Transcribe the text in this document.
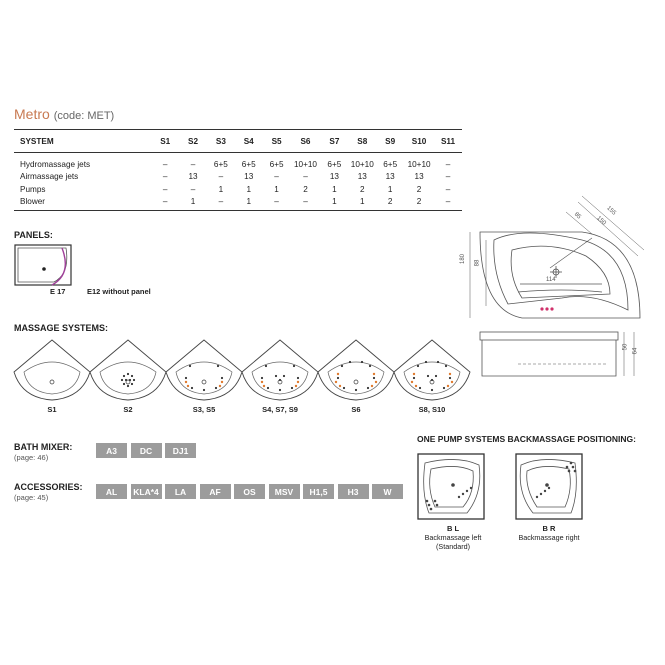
Metro (code: MET)
SYSTEM	S1	S2	S3	S4	S5	S6	S7	S8	S9	S10	S11

Hydromassage jets	–	–	6+5	6+5	6+5	10+10	6+5	10+10	6+5	10+10	–
Airmassage jets	–	13	–	13	–	–	13	13	13	13	–
Pumps	–	–	1	1	1	2	1	2	1	2	–
Blower	–	1	–	1	–	–	1	1	2	2	–
PANELS:
E 17	E12 without panel
155
150
85
180 88
114
50
64
MASSAGE SYSTEMS:
S1	S2	S3, S5	S4, S7, S9	S6	S8, S10
BATH MIXER:
(page: 46)
A3	DC	DJ1
ACCESSORIES:
(page: 45)
AL	KLA*4	LA	AF	OS	MSV	H1,5	H3	W
ONE PUMP SYSTEMS BACKMASSAGE POSITIONING:
B L
Backmassage left
(Standard)
B R
Backmassage right
